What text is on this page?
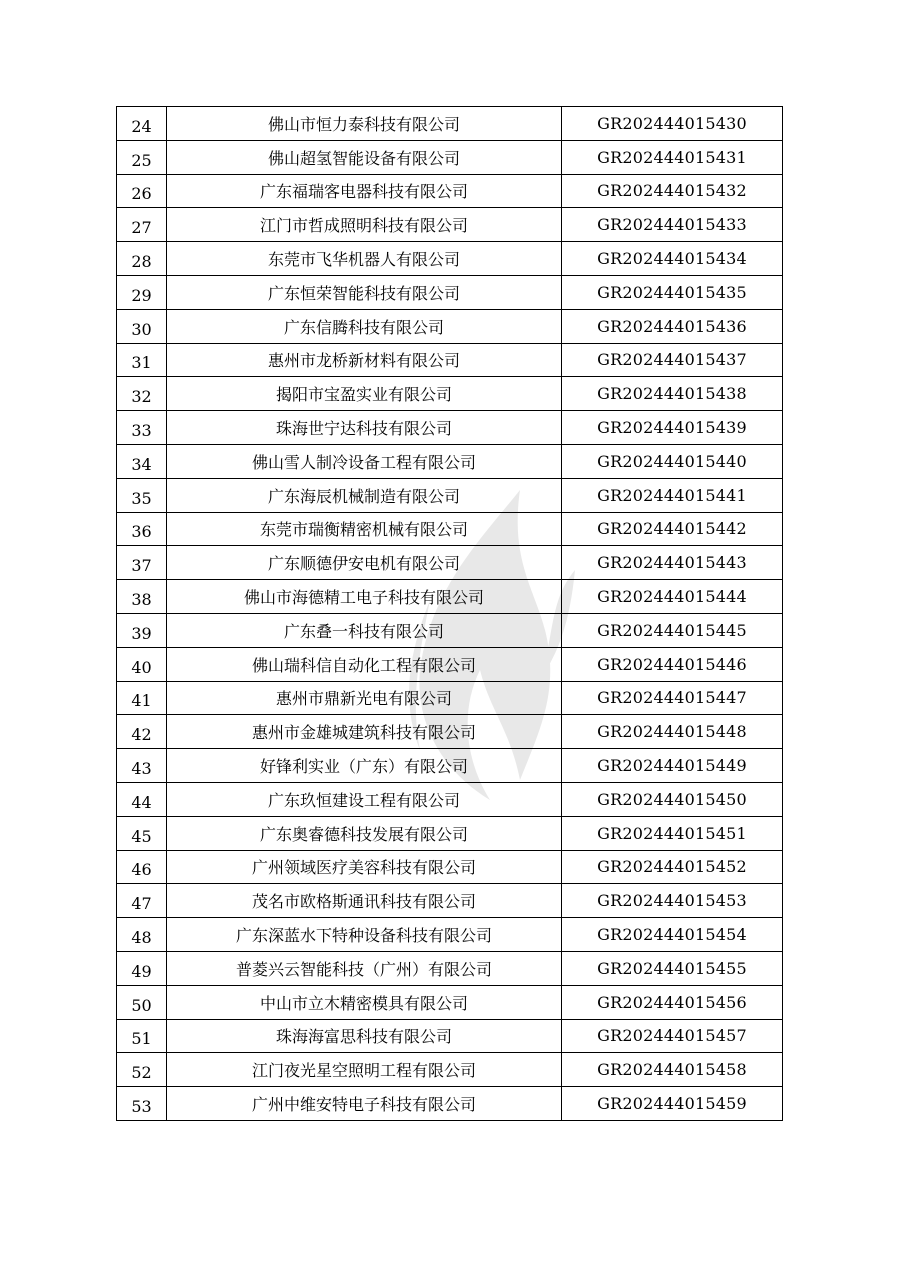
24	佛山市恒力泰科技有限公司	GR202444015430
25	佛山超氢智能设备有限公司	GR202444015431
26	广东福瑞客电器科技有限公司	GR202444015432
27	江门市哲成照明科技有限公司	GR202444015433
28	东莞市飞华机器人有限公司	GR202444015434
29	广东恒荣智能科技有限公司	GR202444015435
30	广东信腾科技有限公司	GR202444015436
31	惠州市龙桥新材料有限公司	GR202444015437
32	揭阳市宝盈实业有限公司	GR202444015438
33	珠海世宁达科技有限公司	GR202444015439
34	佛山雪人制冷设备工程有限公司	GR202444015440
35	广东海辰机械制造有限公司	GR202444015441
36	东莞市瑞衡精密机械有限公司	GR202444015442
37	广东顺德伊安电机有限公司	GR202444015443
38	佛山市海德精工电子科技有限公司	GR202444015444
39	广东叠一科技有限公司	GR202444015445
40	佛山瑞科信自动化工程有限公司	GR202444015446
41	惠州市鼎新光电有限公司	GR202444015447
42	惠州市金雄城建筑科技有限公司	GR202444015448
43	好锋利实业（广东）有限公司	GR202444015449
44	广东玖恒建设工程有限公司	GR202444015450
45	广东奥睿德科技发展有限公司	GR202444015451
46	广州领域医疗美容科技有限公司	GR202444015452
47	茂名市欧格斯通讯科技有限公司	GR202444015453
48	广东深蓝水下特种设备科技有限公司	GR202444015454
49	普菱兴云智能科技（广州）有限公司	GR202444015455
50	中山市立木精密模具有限公司	GR202444015456
51	珠海海富思科技有限公司	GR202444015457
52	江门夜光星空照明工程有限公司	GR202444015458
53	广州中维安特电子科技有限公司	GR202444015459
